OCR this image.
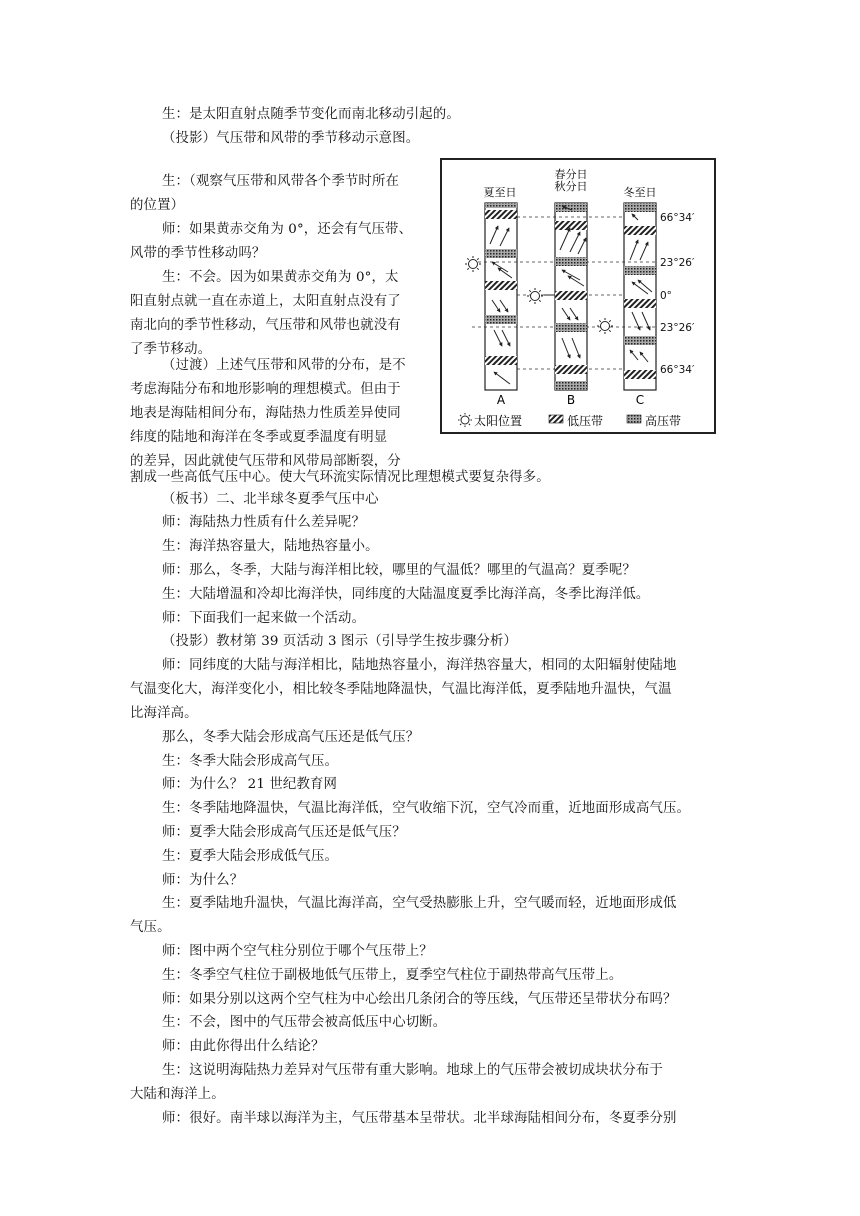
生：是太阳直射点随季节变化而南北移动引起的。
（投影）气压带和风带的季节移动示意图。
生：（观察气压带和风带各个季节时所在
的位置）
师：如果黄赤交角为 0°，还会有气压带、
风带的季节性移动吗？
生：不会。因为如果黄赤交角为 0°，太
阳直射点就一直在赤道上，太阳直射点没有了
南北向的季节性移动，气压带和风带也就没有
了季节移动。
（过渡）上述气压带和风带的分布，是不
考虑海陆分布和地形影响的理想模式。但由于
地表是海陆相间分布，海陆热力性质差异使同
纬度的陆地和海洋在冬季或夏季温度有明显
的差异，因此就使气压带和风带局部断裂，分
割成一些高低气压中心。使大气环流实际情况比理想模式要复杂得多。
夏至日
春分日
秋分日	冬至日
66°34′
23°26′
0°
23°26′
66°34′
A	B	C
太阳位置	低压带	高压带
（板书）二、北半球冬夏季气压中心
师：海陆热力性质有什么差异呢？
生：海洋热容量大，陆地热容量小。
师：那么，冬季，大陆与海洋相比较，哪里的气温低？哪里的气温高？夏季呢？
生：大陆增温和冷却比海洋快，同纬度的大陆温度夏季比海洋高，冬季比海洋低。
师：下面我们一起来做一个活动。
（投影）教材第 39 页活动 3 图示（引导学生按步骤分析）
师：同纬度的大陆与海洋相比，陆地热容量小，海洋热容量大，相同的太阳辐射使陆地
气温变化大，海洋变化小，相比较冬季陆地降温快，气温比海洋低，夏季陆地升温快，气温
比海洋高。
那么，冬季大陆会形成高气压还是低气压？
生：冬季大陆会形成高气压。
师：为什么？ 21 世纪教育网
生：冬季陆地降温快，气温比海洋低，空气收缩下沉，空气冷而重，近地面形成高气压。
师：夏季大陆会形成高气压还是低气压？
生：夏季大陆会形成低气压。
师：为什么？
生：夏季陆地升温快，气温比海洋高，空气受热膨胀上升，空气暖而轻，近地面形成低
气压。
师：图中两个空气柱分别位于哪个气压带上？
生：冬季空气柱位于副极地低气压带上，夏季空气柱位于副热带高气压带上。
师：如果分别以这两个空气柱为中心绘出几条闭合的等压线，气压带还呈带状分布吗？
生：不会，图中的气压带会被高低压中心切断。
师：由此你得出什么结论？
生：这说明海陆热力差异对气压带有重大影响。地球上的气压带会被切成块状分布于
大陆和海洋上。
师：很好。南半球以海洋为主，气压带基本呈带状。北半球海陆相间分布，冬夏季分别
